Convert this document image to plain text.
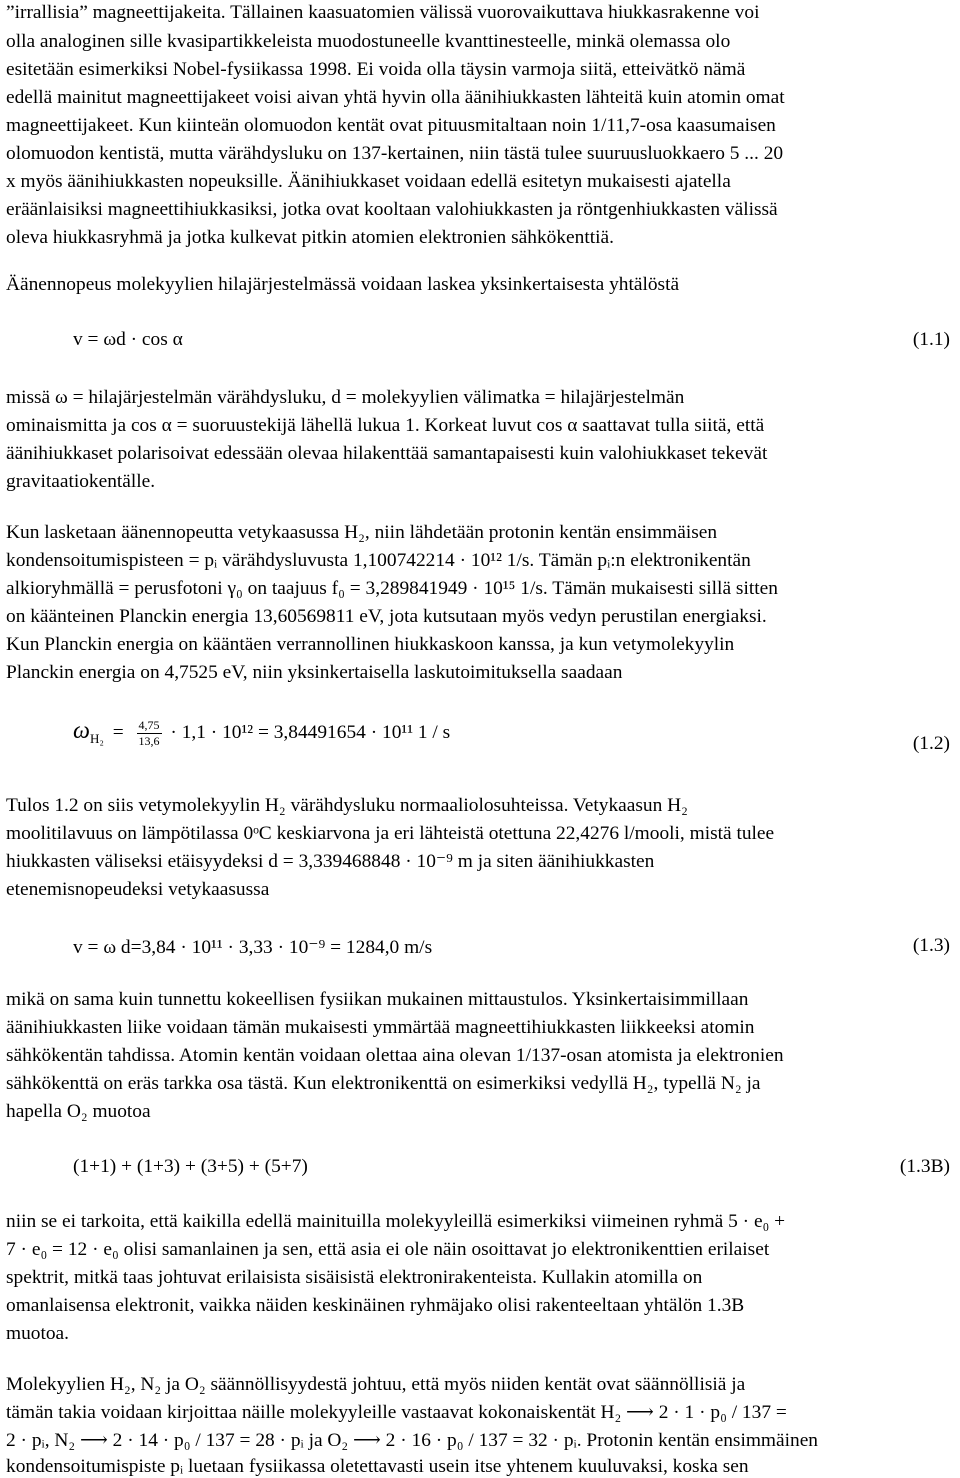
”irrallisia” magneettijakeita. Tällainen kaasuatomien välissä vuorovaikuttava hiukkasrakenne voi
olla analoginen sille kvasipartikkeleista muodostuneelle kvanttinesteelle, minkä olemassa olo
esitetään esimerkiksi Nobel-fysiikassa 1998. Ei voida olla täysin varmoja siitä, etteivätkö nämä
edellä mainitut magneettijakeet voisi aivan yhtä hyvin olla äänihiukkasten lähteitä kuin atomin omat
magneettijakeet. Kun kiinteän olomuodon kentät ovat pituusmitaltaan noin 1/11,7-osa kaasumaisen
olomuodon kentistä, mutta värähdysluku on 137-kertainen, niin tästä tulee suuruusluokkaero 5 ... 20
x myös äänihiukkasten nopeuksille. Äänihiukkaset voidaan edellä esitetyn mukaisesti ajatella
eräänlaisiksi magneettihiukkasiksi, jotka ovat kooltaan valohiukkasten ja röntgenhiukkasten välissä
oleva hiukkasryhmä ja jotka kulkevat pitkin atomien elektronien sähkökenttiä.
Äänennopeus molekyylien hilajärjestelmässä voidaan laskea yksinkertaisesta yhtälöstä
v = ωd · cos α	(1.1)
missä ω = hilajärjestelmän värähdysluku, d = molekyylien välimatka = hilajärjestelmän
ominaismitta ja cos α = suoruustekijä lähellä lukua 1. Korkeat luvut cos α saattavat tulla siitä, että
äänihiukkaset polarisoivat edessään olevaa hilakenttää samantapaisesti kuin valohiukkaset tekevät
gravitaatiokentälle.
Kun lasketaan äänennopeutta vetykaasussa H₂, niin lähdetään protonin kentän ensimmäisen
kondensoitumispisteen = pᵢ värähdysluvusta 1,100742214 · 10¹² 1/s. Tämän pᵢ:n elektronikentän
alkioryhmällä = perusfotoni γ₀ on taajuus f₀ = 3,289841949 · 10¹⁵ 1/s. Tämän mukaisesti sillä sitten
on käänteinen Planckin energia 13,60569811 eV, jota kutsutaan myös vedyn perustilan energiaksi.
Kun Planckin energia on kääntäen verrannollinen hiukkaskoon kanssa, ja kun vetymolekyylin
Planckin energia on 4,7525 eV, niin yksinkertaisella laskutoimituksella saadaan
$\omega_{H_2} = \frac{4,75}{13,6} \cdot 1,1 \cdot 10^{12} = 3,84491654 \cdot 10^{11}$ 1 / s
(1.2)
Tulos 1.2 on siis vetymolekyylin H₂ värähdysluku normaaliolosuhteissa. Vetykaasun H₂
moolitilavuus on lämpötilassa 0ᵒC keskiarvona ja eri lähteistä otettuna 22,4276 l/mooli, mistä tulee
hiukkasten väliseksi etäisyydeksi d = 3,339468848 · 10⁻⁹ m ja siten äänihiukkasten
etenemisnopeudeksi vetykaasussa
v = ω d=3,84 · 10¹¹ · 3,33 · 10⁻⁹ = 1284,0 m/s	(1.3)
mikä on sama kuin tunnettu kokeellisen fysiikan mukainen mittaustulos. Yksinkertaisimmillaan
äänihiukkasten liike voidaan tämän mukaisesti ymmärtää magneettihiukkasten liikkeeksi atomin
sähkökentän tahdissa. Atomin kentän voidaan olettaa aina olevan 1/137-osan atomista ja elektronien
sähkökenttä on eräs tarkka osa tästä. Kun elektronikenttä on esimerkiksi vedyllä H₂, typellä N₂ ja
hapella O₂ muotoa
(1+1) + (1+3) + (3+5) + (5+7)	(1.3B)
niin se ei tarkoita, että kaikilla edellä mainituilla molekyyleillä esimerkiksi viimeinen ryhmä 5 · e₀ +
7 · e₀ = 12 · e₀ olisi samanlainen ja sen, että asia ei ole näin osoittavat jo elektronikenttien erilaiset
spektrit, mitkä taas johtuvat erilaisista sisäisistä elektronirakenteista. Kullakin atomilla on
omanlaisensa elektronit, vaikka näiden keskinäinen ryhmäjako olisi rakenteeltaan yhtälön 1.3B
muotoa.
Molekyylien H₂, N₂ ja O₂ säännöllisyydestä johtuu, että myös niiden kentät ovat säännöllisiä ja
tämän takia voidaan kirjoittaa näille molekyyleille vastaavat kokonaiskentät H₂ ⟶ 2 · 1 · p₀ / 137 =
2 · pᵢ, N₂ ⟶ 2 · 14 · p₀ / 137 = 28 · pᵢ ja O₂ ⟶ 2 · 16 · p₀ / 137 = 32 · pᵢ. Protonin kentän ensimmäinen
kondensoitumispiste pᵢ luetaan fysiikassa oletettavasti usein itse yhtenem kuuluvaksi, koska sen
